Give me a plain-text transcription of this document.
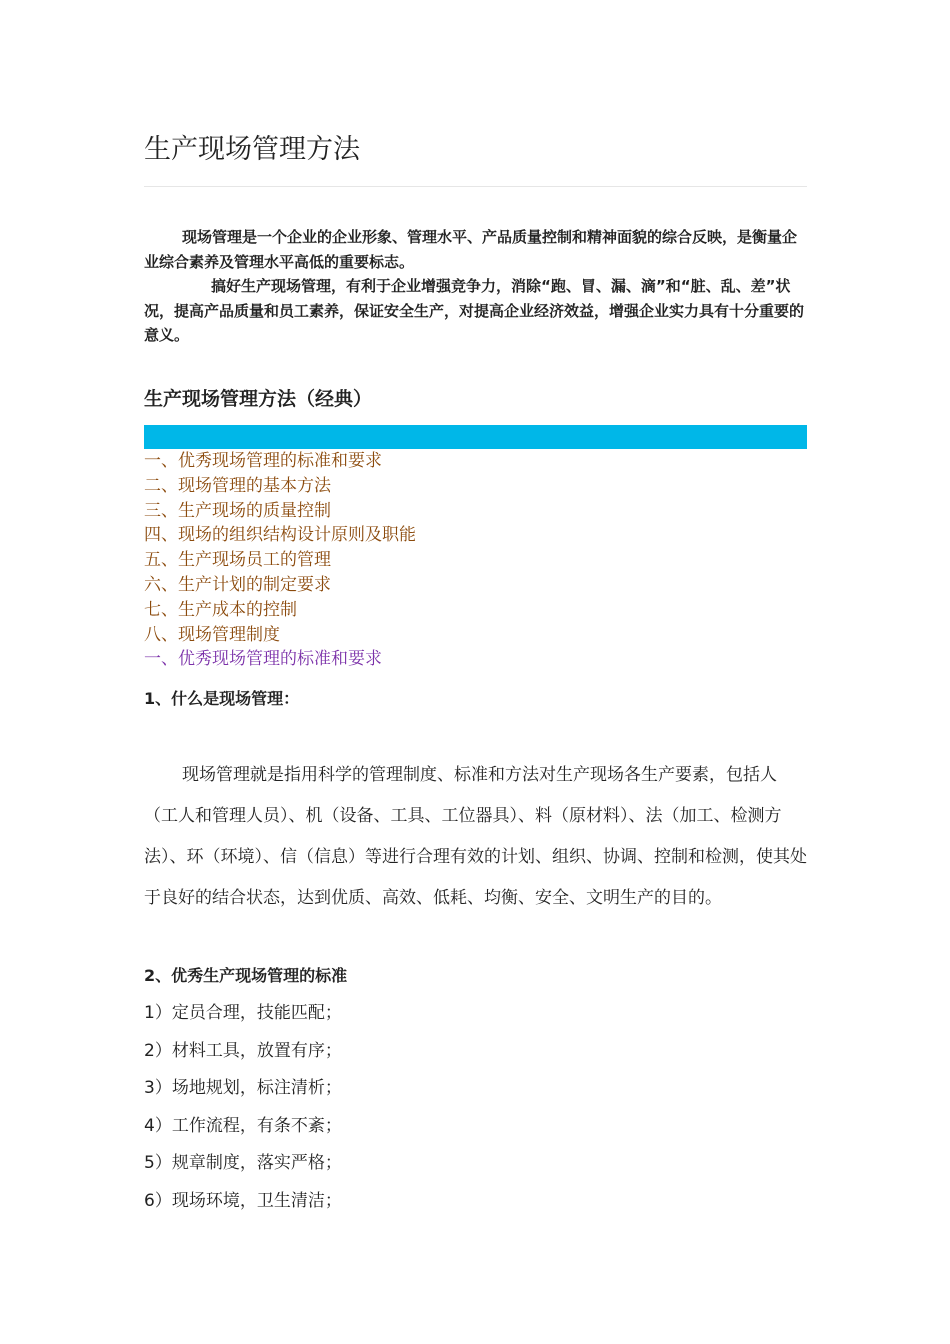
生产现场管理方法

现场管理是一个企业的企业形象、管理水平、产品质量控制和精神面貌的综合反映，是衡量企业综合素养及管理水平高低的重要标志。

搞好生产现场管理，有利于企业增强竞争力，消除“跑、冒、漏、滴”和“脏、乱、差”状况，提高产品质量和员工素养，保证安全生产，对提高企业经济效益，增强企业实力具有十分重要的意义。

生产现场管理方法（经典）
一、优秀现场管理的标准和要求
二、现场管理的基本方法
三、生产现场的质量控制
四、现场的组织结构设计原则及职能
五、生产现场员工的管理
六、生产计划的制定要求
七、生产成本的控制
八、现场管理制度
一、优秀现场管理的标准和要求
1、什么是现场管理：

现场管理就是指用科学的管理制度、标准和方法对生产现场各生产要素，包括人（工人和管理人员）、机（设备、工具、工位器具）、料（原材料）、法（加工、检测方法）、环（环境）、信（信息）等进行合理有效的计划、组织、协调、控制和检测，使其处于良好的结合状态，达到优质、高效、低耗、均衡、安全、文明生产的目的。

2、优秀生产现场管理的标准
1）定员合理，技能匹配；
2）材料工具，放置有序；
3）场地规划，标注清析；
4）工作流程，有条不紊；
5）规章制度，落实严格；
6）现场环境，卫生清洁；
